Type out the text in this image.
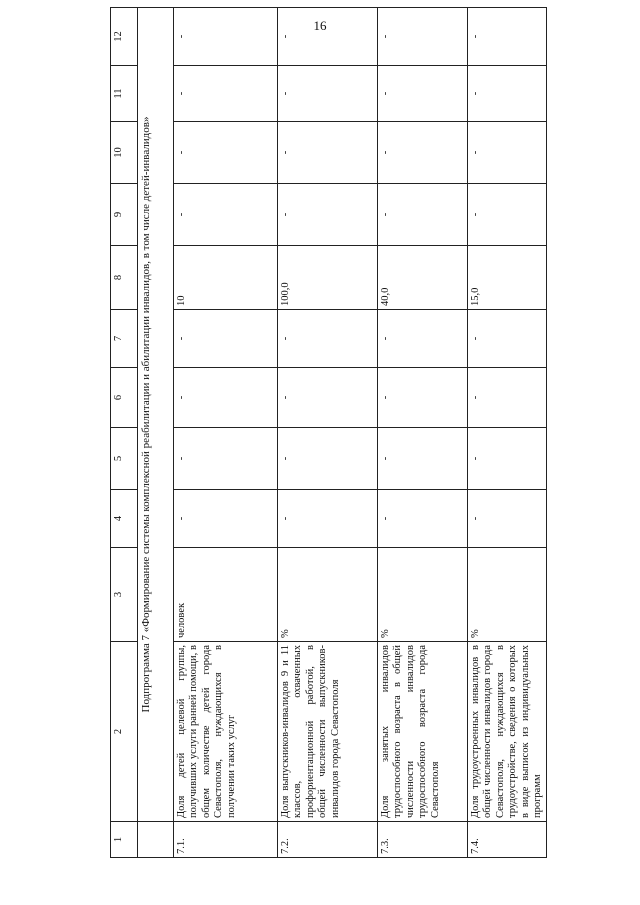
16
1	2	3	4	5	6	7	8	9	10	11	12
	Подпрограмма 7 «Формирование системы комплексной реабилитации и абилитации инвалидов, в том числе детей-инвалидов»										
7.1.	Доля детей целевой группы, получивших услуги ранней помощи, в общем количестве детей города Севастополя, нуждающихся в получении таких услуг	человек	-	-	-	-	10	-	-	-	-
7.2.	Доля выпускников-инвалидов 9 и 11 классов, охваченных профориентационной работой, в общей численности выпускников-инвалидов города Севастополя	%	-	-	-	-	100,0	-	-	-	-
7.3.	Доля занятых инвалидов трудоспособного возраста в общей численности инвалидов трудоспособного возраста города Севастополя	%	-	-	-	-	40,0	-	-	-	-
7.4.	Доля трудоустроенных инвалидов в общей численности инвалидов города Севастополя, нуждающихся в трудоустройстве, сведения о которых в виде выписок из индивидуальных программ	%	-	-	-	-	15,0	-	-	-	-
